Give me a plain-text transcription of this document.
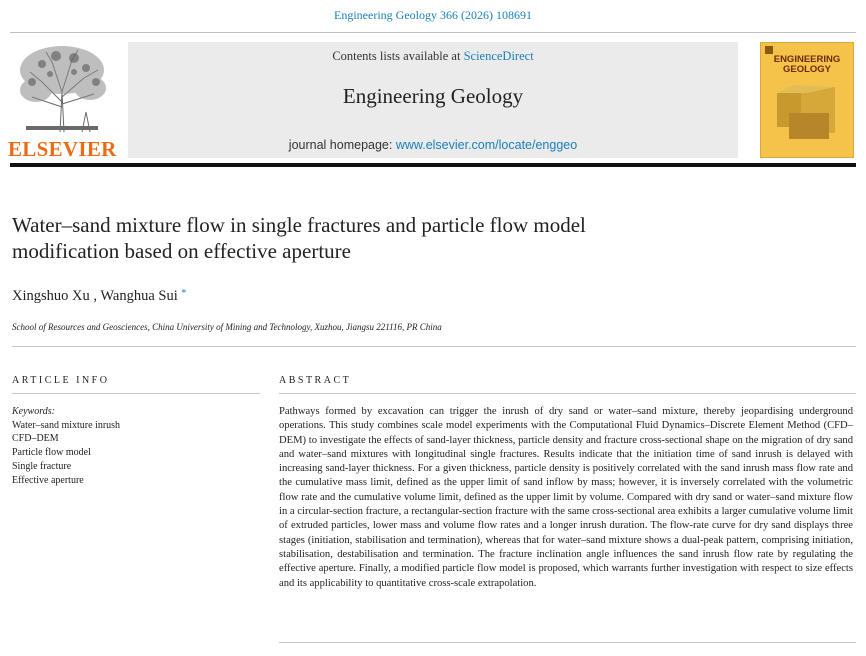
Engineering Geology 366 (2026) 108691
ELSEVIER
Contents lists available at ScienceDirect
Engineering Geology
journal homepage: www.elsevier.com/locate/enggeo
ENGINEERING
GEOLOGY
Water–sand mixture flow in single fractures and particle flow model
modification based on effective aperture
Xingshuo Xu , Wanghua Sui *
School of Resources and Geosciences, China University of Mining and Technology, Xuzhou, Jiangsu 221116, PR China
ARTICLE INFO	ABSTRACT
Keywords:
Water–sand mixture inrush
CFD–DEM
Particle flow model
Single fracture
Effective aperture
Pathways formed by excavation can trigger the inrush of dry sand or water–sand mixture, thereby jeopardising underground operations. This study combines scale model experiments with the Computational Fluid Dynamics–Discrete Element Method (CFD–DEM) to investigate the effects of sand-layer thickness, particle density and fracture cross-sectional shape on the migration of dry sand and water–sand mixtures with longitudinal single fractures. Results indicate that the initiation time of sand inrush is delayed with increasing sand-layer thickness. For a given thickness, particle density is positively correlated with the sand inrush mass flow rate and the cumulative mass limit, defined as the upper limit of sand inflow by mass; however, it is inversely correlated with the volumetric flow rate and the cumulative volume limit, defined as the upper limit by volume. Compared with dry sand or water–sand mixture flow in a circular-section fracture, a rectangular-section fracture with the same cross-sectional area exhibits a larger cumulative volume limit of extruded particles, lower mass and volume flow rates and a longer inrush duration. The flow-rate curve for dry sand displays three stages (initiation, stabilisation and termination), whereas that for water–sand mixture shows a dual-peak pattern, comprising initiation, stabilisation, destabilisation and termination. The fracture inclination angle influences the sand inrush flow rate by regulating the effective aperture. Finally, a modified particle flow model is proposed, which warrants further investigation with respect to size effects and its applicability to quantitative cross-scale extrapolation.
